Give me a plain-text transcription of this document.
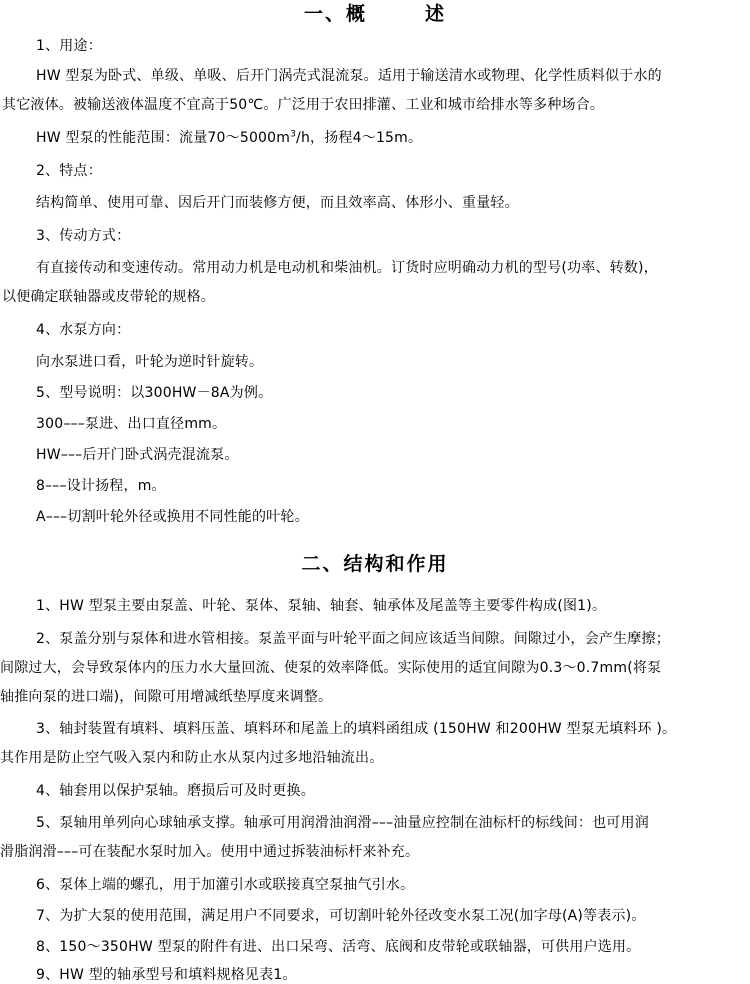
一、概	述
1、用途：
HW 型泵为卧式、单级、单吸、后开门涡壳式混流泵。适用于输送清水或物理、化学性质料似于水的
其它液体。被输送液体温度不宜高于50℃。广泛用于农田排灌、工业和城市给排水等多种场合。
HW 型泵的性能范围：流量$70\sim 5000m^3/h$，扬程4～15m。
2、特点：
结构简单、使用可靠、因后开门而装修方便，而且效率高、体形小、重量轻。
3、传动方式：
有直接传动和变速传动。常用动力机是电动机和柴油机。订货时应明确动力机的型号(功率、转数)，
以便确定联轴器或皮带轮的规格。
4、水泵方向：
向水泵进口看，叶轮为逆时针旋转。
5、型号说明：以300HW－8A为例。
300–––泵进、出口直径mm。
HW–––后开门卧式涡壳混流泵。
8–––设计扬程，m。
A–––切割叶轮外径或换用不同性能的叶轮。
二、结构和作用
1、HW 型泵主要由泵盖、叶轮、泵体、泵轴、轴套、轴承体及尾盖等主要零件构成(图1)。
2、泵盖分别与泵体和进水管相接。泵盖平面与叶轮平面之间应该适当间隙。间隙过小，会产生摩擦；
间隙过大，会导致泵体内的压力水大量回流、使泵的效率降低。实际使用的适宜间隙为0.3～0.7mm(将泵
轴推向泵的进口端)，间隙可用增减纸垫厚度来调整。
3、轴封装置有填料、填料压盖、填料环和尾盖上的填料函组成 (150HW 和200HW 型泵无填料环 )。
其作用是防止空气吸入泵内和防止水从泵内过多地沿轴流出。
4、轴套用以保护泵轴。磨损后可及时更换。
5、泵轴用单列向心球轴承支撑。轴承可用润滑油润滑–––油量应控制在油标杆的标线间：也可用润
滑脂润滑–––可在装配水泵时加入。使用中通过拆装油标杆来补充。
6、泵体上端的螺孔，用于加灌引水或联接真空泵抽气引水。
7、为扩大泵的使用范围，满足用户不同要求，可切割叶轮外径改变水泵工况(加字母(A)等表示)。
8、150～350HW 型泵的附件有进、出口呆弯、活弯、底阀和皮带轮或联轴器，可供用户选用。
9、HW 型的轴承型号和填料规格见表1。
